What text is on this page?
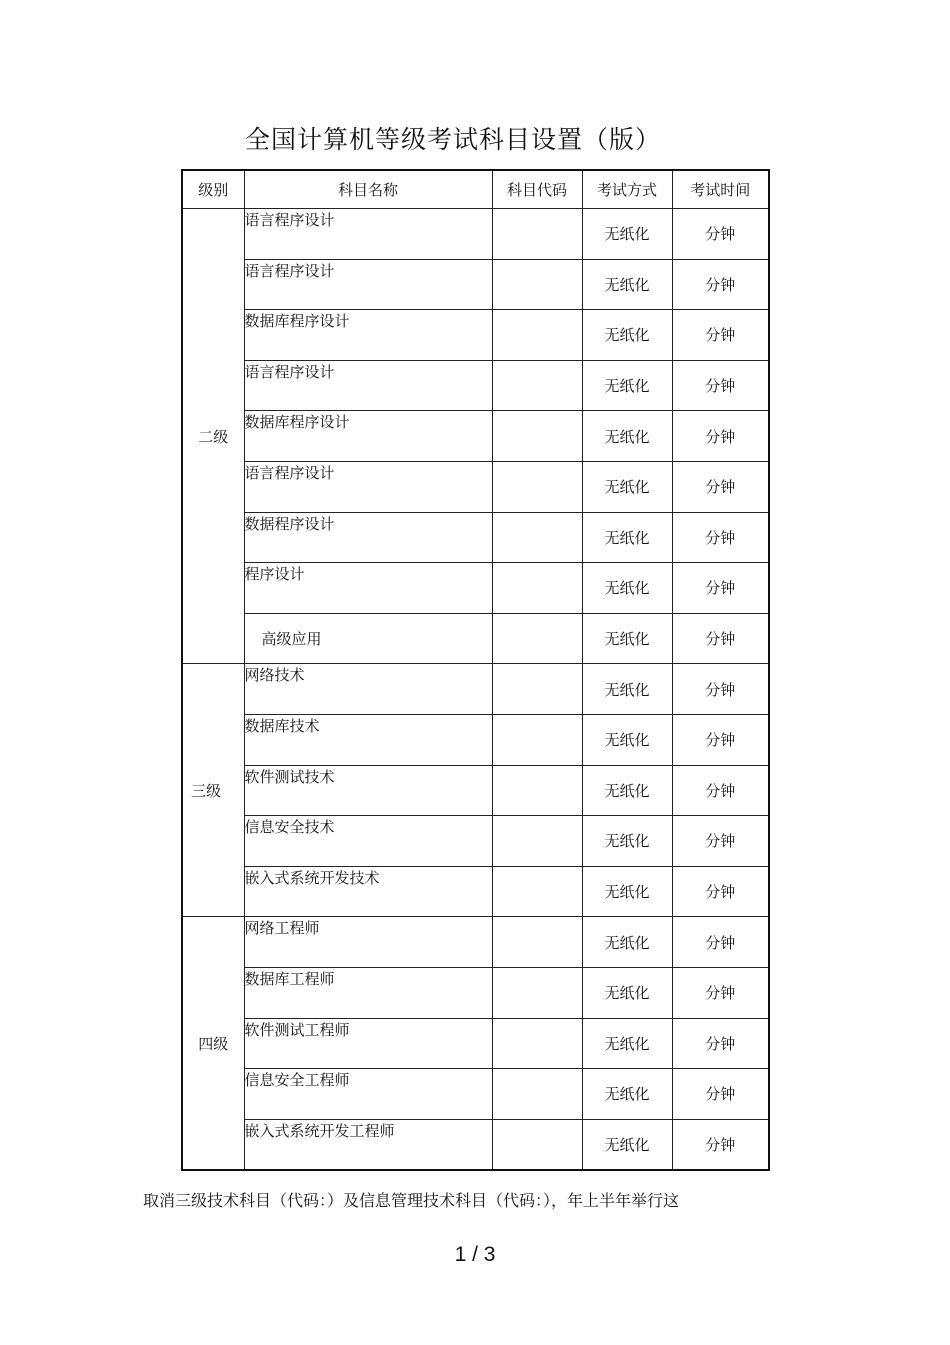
全国计算机等级考试科目设置（版）
级别	科目名称	科目代码	考试方式	考试时间
二级	语言程序设计		无纸化	分钟
	语言程序设计		无纸化	分钟
	数据库程序设计		无纸化	分钟
	语言程序设计		无纸化	分钟
	数据库程序设计		无纸化	分钟
	语言程序设计		无纸化	分钟
	数据程序设计		无纸化	分钟
	程序设计		无纸化	分钟
	高级应用		无纸化	分钟
三级	网络技术		无纸化	分钟
	数据库技术		无纸化	分钟
	软件测试技术		无纸化	分钟
	信息安全技术		无纸化	分钟
	嵌入式系统开发技术		无纸化	分钟
四级	网络工程师		无纸化	分钟
	数据库工程师		无纸化	分钟
	软件测试工程师		无纸化	分钟
	信息安全工程师		无纸化	分钟
	嵌入式系统开发工程师		无纸化	分钟
取消三级技术科目（代码：）及信息管理技术科目（代码：），年上半年举行这
1 / 3
